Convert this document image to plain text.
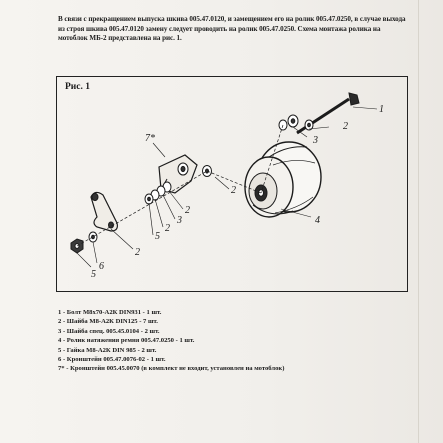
В связи с прекращением выпуска шкива 005.47.0120, и замещением его на ролик 005.47.0250, в случае выхода из строя шкива 005.47.0120 замену следует проводить на ролик 005.47.0250. Схема монтажа ролика на мотоблок МБ-2 представлена на рис. 1.

Рис. 1
1
2
3
2
4
7*
2
3
2
5
2
6
5
1 - Болт М8х70-А2К DIN931 - 1 шт.
2 - Шайба М8-А2К DIN125 - 7 шт.
3 - Шайба спец. 005.45.0104 - 2 шт.
4 - Ролик натяжения ремня 005.47.0250 - 1 шт.
5 - Гайка М8-А2К DIN 985 - 2 шт.
6 - Кронштейн 005.47.0076-02 - 1 шт.
7* - Кронштейн 005.45.0070 (в комплект не входит, установлен на мотоблок)
